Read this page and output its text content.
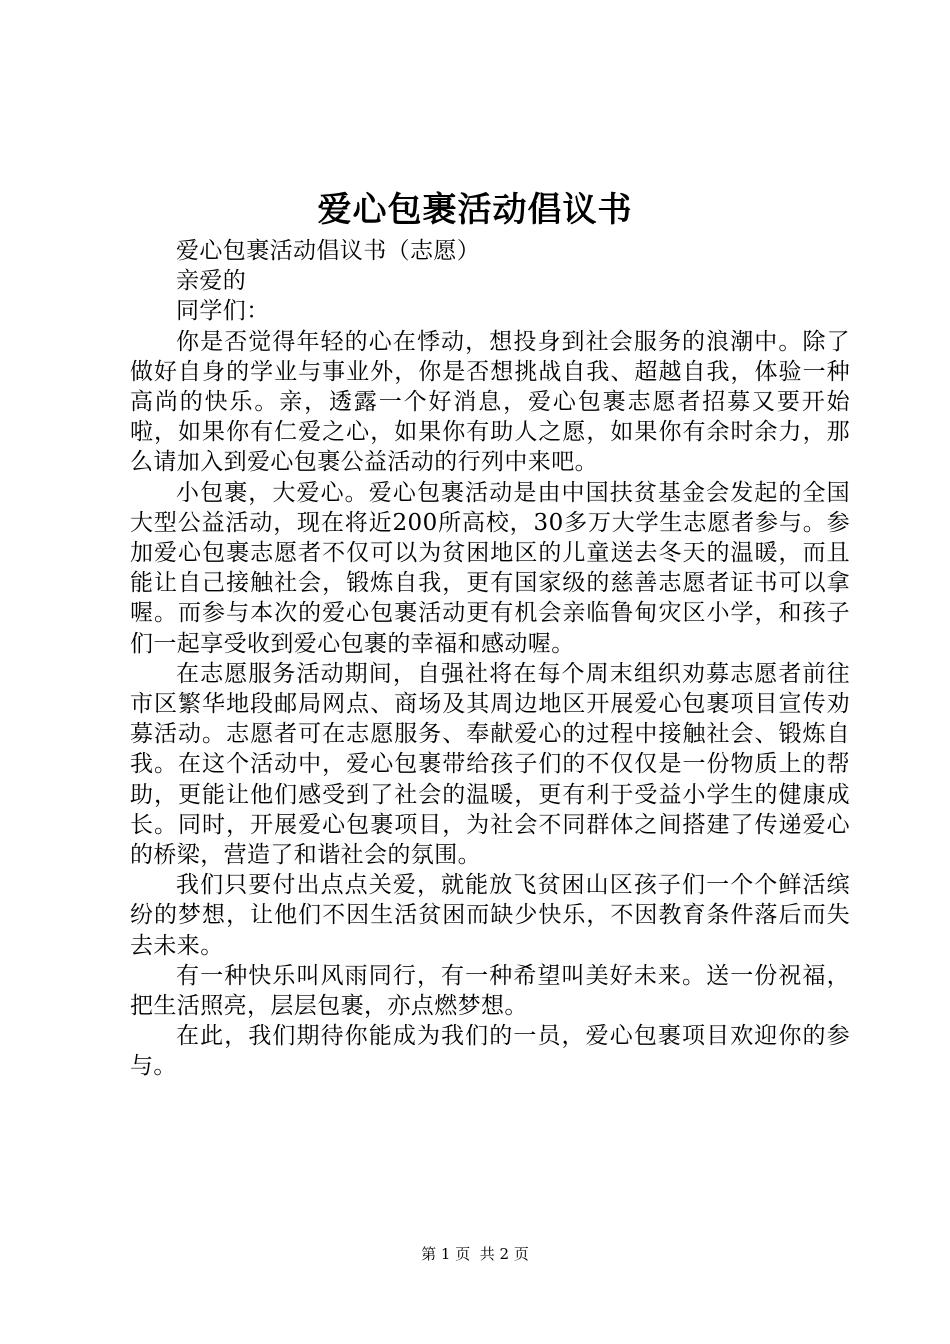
爱心包裹活动倡议书

爱心包裹活动倡议书（志愿）

亲爱的

同学们：

你是否觉得年轻的心在悸动，想投身到社会服务的浪潮中。除了做好自身的学业与事业外，你是否想挑战自我、超越自我，体验一种高尚的快乐。亲，透露一个好消息，爱心包裹志愿者招募又要开始啦，如果你有仁爱之心，如果你有助人之愿，如果你有余时余力，那么请加入到爱心包裹公益活动的行列中来吧。

小包裹，大爱心。爱心包裹活动是由中国扶贫基金会发起的全国大型公益活动，现在将近200所高校，30多万大学生志愿者参与。参加爱心包裹志愿者不仅可以为贫困地区的儿童送去冬天的温暖，而且能让自己接触社会，锻炼自我，更有国家级的慈善志愿者证书可以拿喔。而参与本次的爱心包裹活动更有机会亲临鲁甸灾区小学，和孩子们一起享受收到爱心包裹的幸福和感动喔。

在志愿服务活动期间，自强社将在每个周末组织劝募志愿者前往市区繁华地段邮局网点、商场及其周边地区开展爱心包裹项目宣传劝募活动。志愿者可在志愿服务、奉献爱心的过程中接触社会、锻炼自我。在这个活动中，爱心包裹带给孩子们的不仅仅是一份物质上的帮助，更能让他们感受到了社会的温暖，更有利于受益小学生的健康成长。同时，开展爱心包裹项目，为社会不同群体之间搭建了传递爱心的桥梁，营造了和谐社会的氛围。

我们只要付出点点关爱，就能放飞贫困山区孩子们一个个鲜活缤纷的梦想，让他们不因生活贫困而缺少快乐，不因教育条件落后而失去未来。

有一种快乐叫风雨同行，有一种希望叫美好未来。送一份祝福，把生活照亮，层层包裹，亦点燃梦想。

在此，我们期待你能成为我们的一员，爱心包裹项目欢迎你的参与。

第 1 页  共 2 页
